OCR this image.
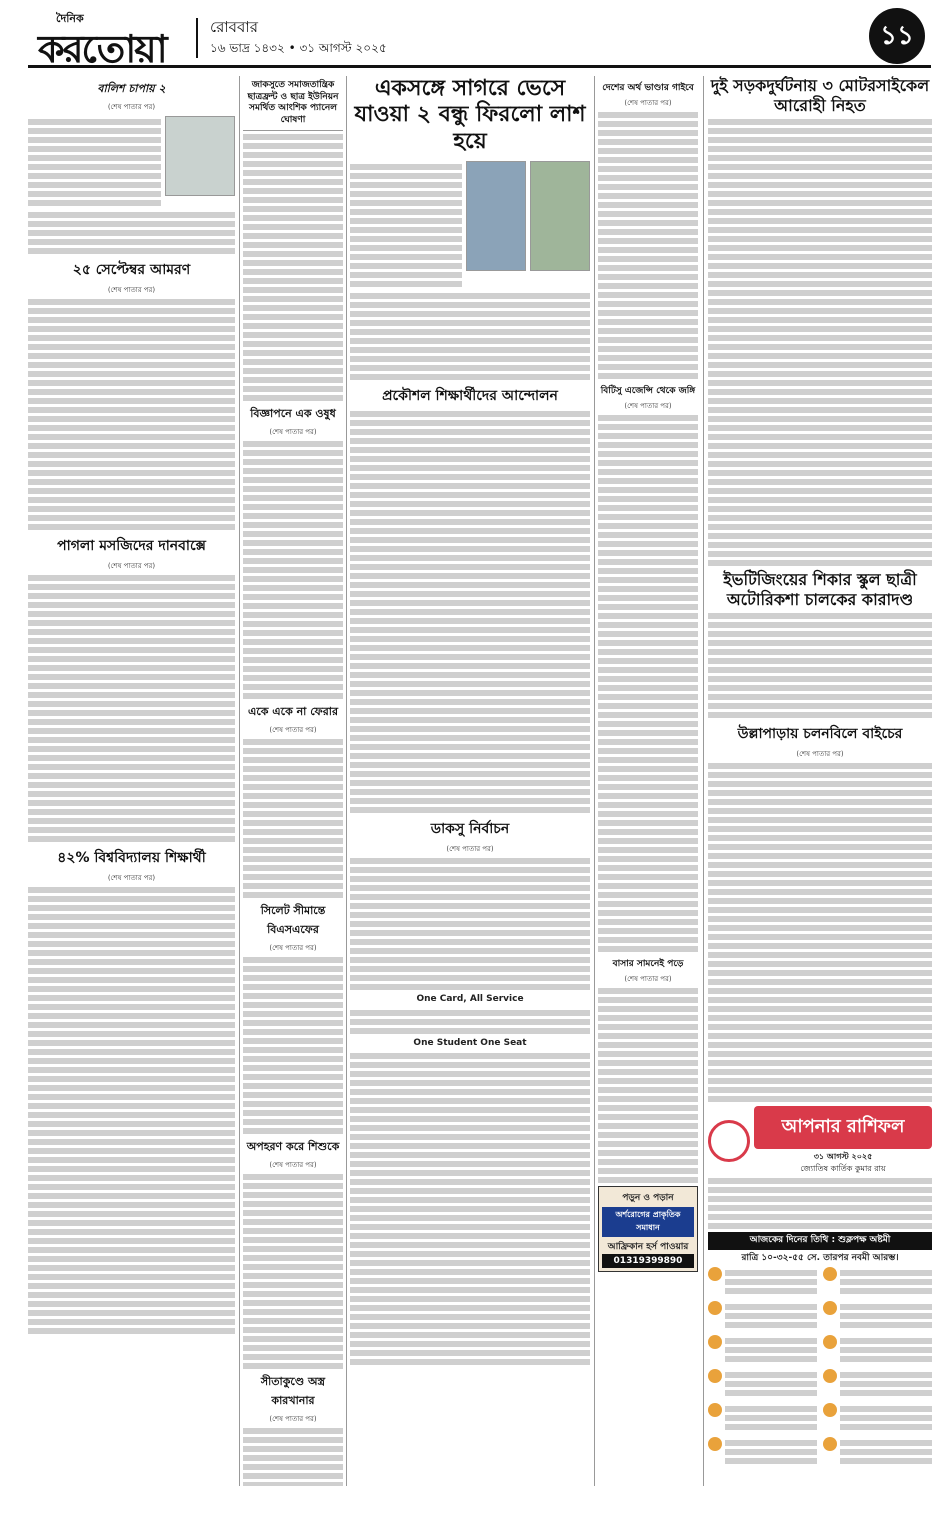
দৈনিক
করতোয়া	রোববার
১৬ ভাদ্র ১৪৩২ • ৩১ আগস্ট ২০২৫	১১
বালিশ চাপায় ২
(শেষ পাতার পর)
২৫ সেপ্টেম্বর আমরণ
(শেষ পাতার পর)
পাগলা মসজিদের দানবাক্সে
(শেষ পাতার পর)
৪২% বিশ্ববিদ্যালয় শিক্ষার্থী
(শেষ পাতার পর)
জাকসুতে সমাজতান্ত্রিক ছাত্রফ্রন্ট ও ছাত্র ইউনিয়ন সমর্থিত আংশিক প্যানেল ঘোষণা
বিজ্ঞাপনে এক ওষুধ
(শেষ পাতার পর)
একে একে না ফেরার
(শেষ পাতার পর)
সিলেট সীমান্তে বিএসএফের
(শেষ পাতার পর)
অপহরণ করে শিশুকে
(শেষ পাতার পর)
সীতাকুণ্ডে অস্ত্র কারখানার
(শেষ পাতার পর)
একসঙ্গে সাগরে ভেসে যাওয়া ২ বন্ধু ফিরলো লাশ হয়ে
প্রকৌশল শিক্ষার্থীদের আন্দোলন
ডাকসু নির্বাচন
(শেষ পাতার পর)

One Card, All Service

One Student One Seat

দেশের অর্থ ভাণ্ডার গাইবে
(শেষ পাতার পর)
বিটিসু এজেন্সি থেকে জঙ্গি
(শেষ পাতার পর)
বাসার সামনেই পড়ে
(শেষ পাতার পর)
পড়ুন ও পড়ান
অর্শরোগের প্রাকৃতিক সমাধান
আফ্রিকান হর্স পাওয়ার
01319399890
দুই সড়কদুর্ঘটনায় ৩ মোটরসাইকেল আরোহী নিহত
ইভটিজিংয়ের শিকার স্কুল ছাত্রী অটোরিকশা চালকের কারাদণ্ড
উল্লাপাড়ায় চলনবিলে বাইচের
(শেষ পাতার পর)
আপনার রাশিফল
৩১ আগস্ট ২০২৫
জ্যোতিষ কার্তিক কুমার রায়
আজকের দিনের তিথি : শুক্লপক্ষ অষ্টমী
রাত্রি ১০-৩২-৫৫ সে. তারপর নবমী আরম্ভ।
